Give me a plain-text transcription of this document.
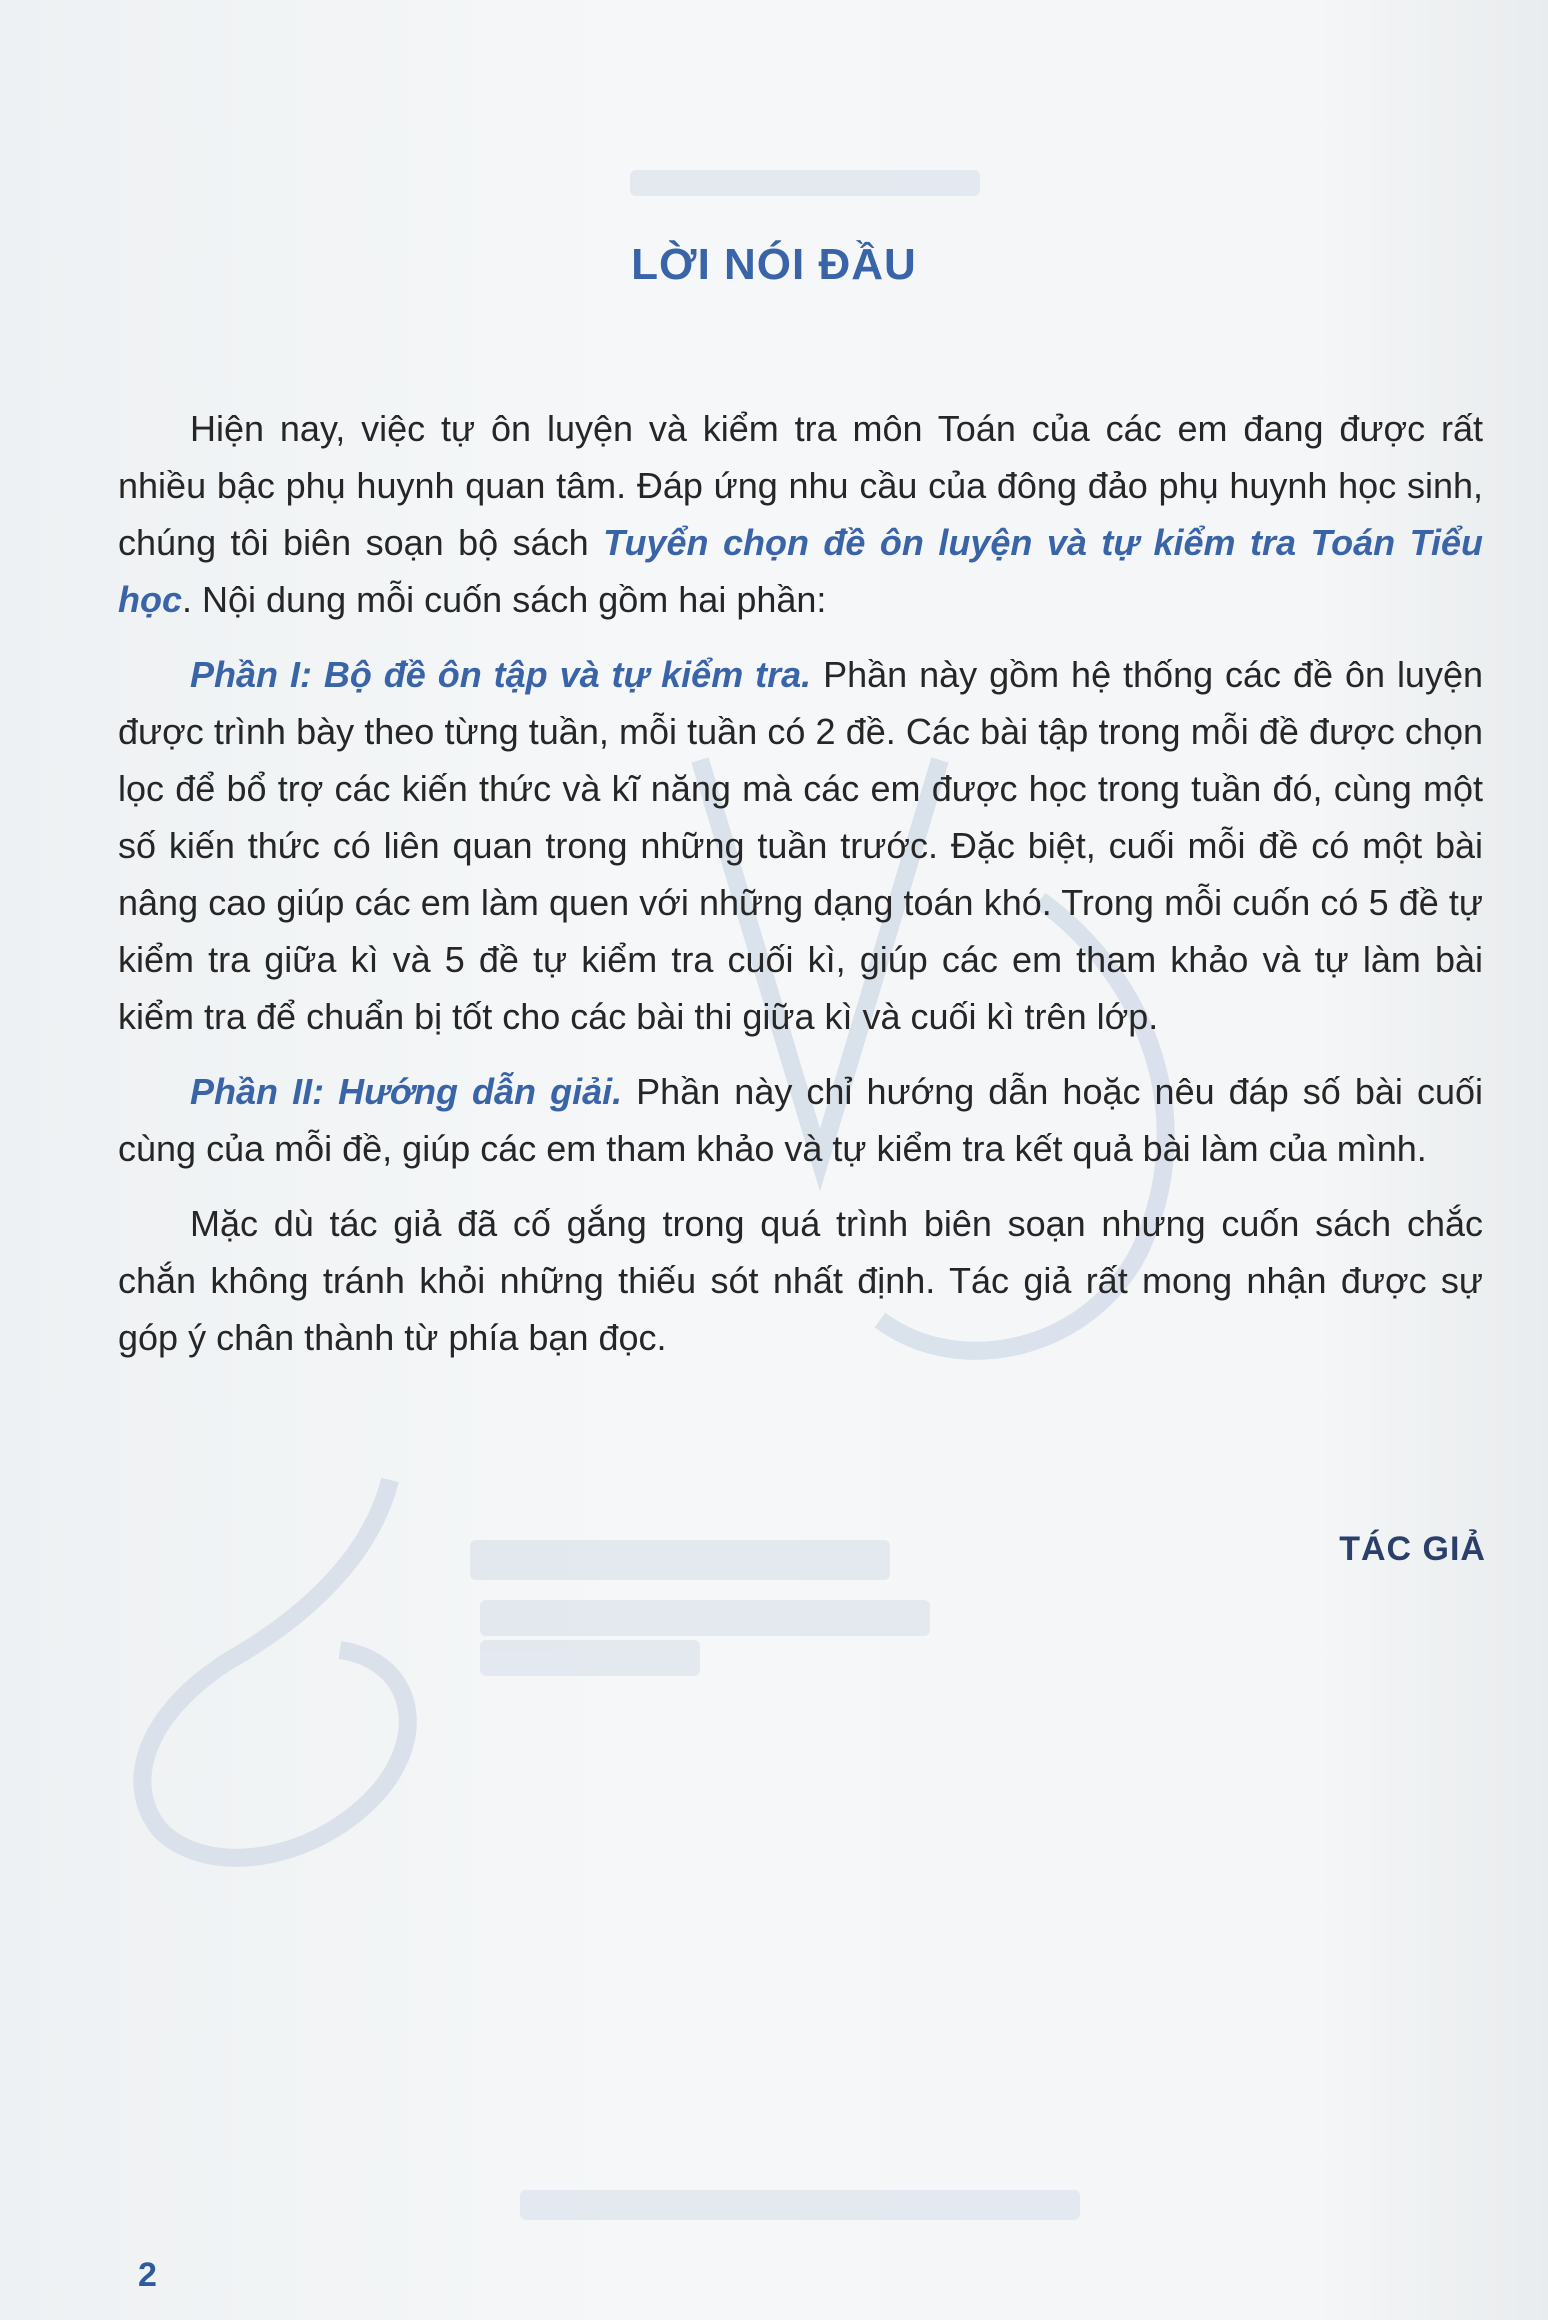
LỜI NÓI ĐẦU

Hiện nay, việc tự ôn luyện và kiểm tra môn Toán của các em đang được rất nhiều bậc phụ huynh quan tâm. Đáp ứng nhu cầu của đông đảo phụ huynh học sinh, chúng tôi biên soạn bộ sách Tuyển chọn đề ôn luyện và tự kiểm tra Toán Tiểu học. Nội dung mỗi cuốn sách gồm hai phần:

Phần I: Bộ đề ôn tập và tự kiểm tra. Phần này gồm hệ thống các đề ôn luyện được trình bày theo từng tuần, mỗi tuần có 2 đề. Các bài tập trong mỗi đề được chọn lọc để bổ trợ các kiến thức và kĩ năng mà các em được học trong tuần đó, cùng một số kiến thức có liên quan trong những tuần trước. Đặc biệt, cuối mỗi đề có một bài nâng cao giúp các em làm quen với những dạng toán khó. Trong mỗi cuốn có 5 đề tự kiểm tra giữa kì và 5 đề tự kiểm tra cuối kì, giúp các em tham khảo và tự làm bài kiểm tra để chuẩn bị tốt cho các bài thi giữa kì và cuối kì trên lớp.

Phần II: Hướng dẫn giải. Phần này chỉ hướng dẫn hoặc nêu đáp số bài cuối cùng của mỗi đề, giúp các em tham khảo và tự kiểm tra kết quả bài làm của mình.

Mặc dù tác giả đã cố gắng trong quá trình biên soạn nhưng cuốn sách chắc chắn không tránh khỏi những thiếu sót nhất định. Tác giả rất mong nhận được sự góp ý chân thành từ phía bạn đọc.

TÁC GIẢ
2
